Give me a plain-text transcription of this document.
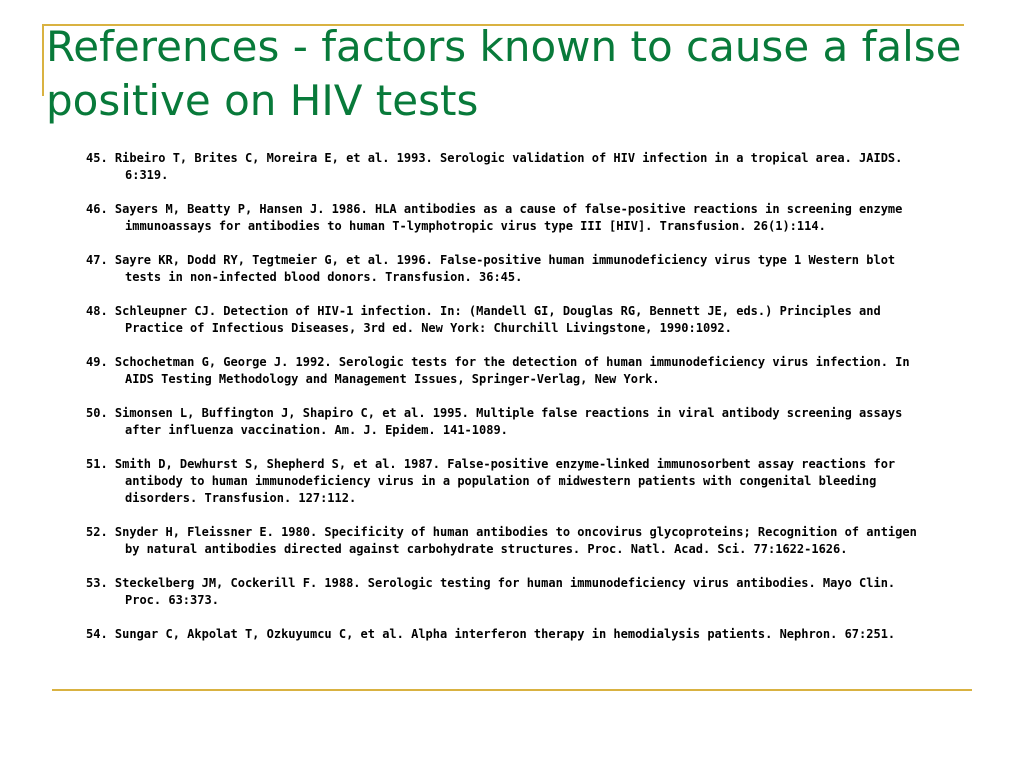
References - factors known to cause a false positive on HIV tests
45. Ribeiro T, Brites C, Moreira E, et al. 1993. Serologic validation of HIV infection in a tropical area. JAIDS. 6:319.
46. Sayers M, Beatty P, Hansen J. 1986. HLA antibodies as a cause of false-positive reactions in screening enzyme immunoassays for antibodies to human T-lymphotropic virus type III [HIV]. Transfusion. 26(1):114.
47. Sayre KR, Dodd RY, Tegtmeier G, et al. 1996. False-positive human immunodeficiency virus type 1 Western blot tests in non-infected blood donors. Transfusion. 36:45.
48. Schleupner CJ. Detection of HIV-1 infection. In: (Mandell GI, Douglas RG, Bennett JE, eds.) Principles and Practice of Infectious Diseases, 3rd ed. New York: Churchill Livingstone, 1990:1092.
49. Schochetman G, George J. 1992. Serologic tests for the detection of human immunodeficiency virus infection. In AIDS Testing Methodology and Management Issues, Springer-Verlag, New York.
50. Simonsen L, Buffington J, Shapiro C, et al. 1995. Multiple false reactions in viral antibody screening assays after influenza vaccination. Am. J. Epidem. 141-1089.
51. Smith D, Dewhurst S, Shepherd S, et al. 1987. False-positive enzyme-linked immunosorbent assay reactions for antibody to human immunodeficiency virus in a population of midwestern patients with congenital bleeding disorders. Transfusion. 127:112.
52. Snyder H, Fleissner E. 1980. Specificity of human antibodies to oncovirus glycoproteins; Recognition of antigen by natural antibodies directed against carbohydrate structures. Proc. Natl. Acad. Sci. 77:1622-1626.
53. Steckelberg JM, Cockerill F. 1988. Serologic testing for human immunodeficiency virus antibodies. Mayo Clin. Proc. 63:373.
54. Sungar C, Akpolat T, Ozkuyumcu C, et al. Alpha interferon therapy in hemodialysis patients. Nephron. 67:251.
